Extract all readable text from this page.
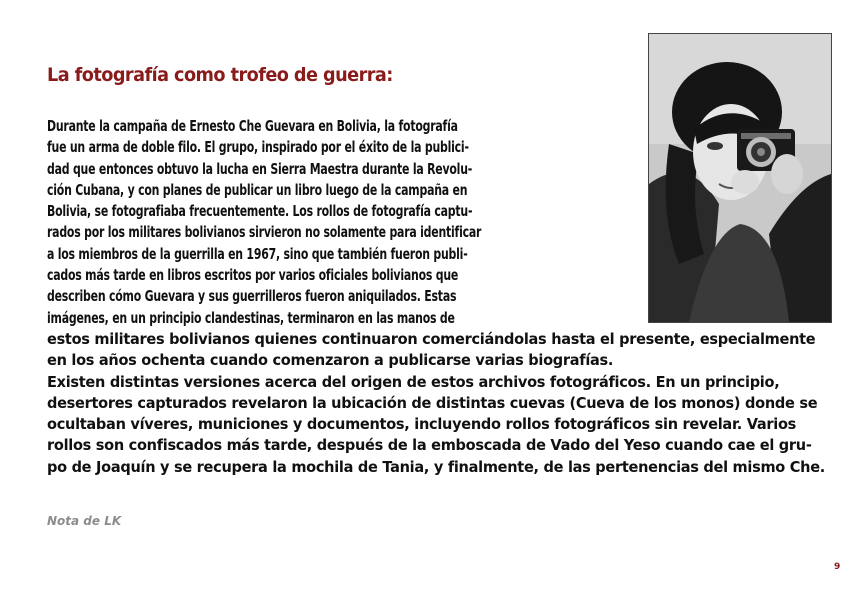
La fotografía como trofeo de guerra:
Durante la campaña de Ernesto Che Guevara en Bolivia, la fotografía
fue un arma de doble filo. El grupo, inspirado por el éxito de la publici-
dad que entonces obtuvo la lucha en Sierra Maestra durante la Revolu-
ción Cubana, y con planes de publicar un libro luego de la campaña en
Bolivia, se fotografiaba frecuentemente. Los rollos de fotografía captu-
rados por los militares bolivianos sirvieron no solamente para identificar
a los miembros de la guerrilla en 1967, sino que también fueron publi-
cados más tarde en libros escritos por varios oficiales bolivianos que
describen cómo Guevara y sus guerrilleros fueron aniquilados. Estas
imágenes, en un principio clandestinas, terminaron en las manos de
estos militares bolivianos quienes continuaron comerciándolas hasta el presente, especialmente
en los años ochenta cuando comenzaron a publicarse varias biografías.
Existen distintas versiones acerca del origen de estos archivos fotográficos. En un principio,
desertores capturados revelaron la ubicación de distintas cuevas (Cueva de los monos) donde se
ocultaban víveres, municiones y documentos, incluyendo rollos fotográficos sin revelar. Varios
rollos son confiscados más tarde, después de la emboscada de Vado del Yeso cuando cae el gru-
po de Joaquín y se recupera la mochila de Tania, y finalmente, de las pertenencias del mismo Che.
Nota de LK
9
